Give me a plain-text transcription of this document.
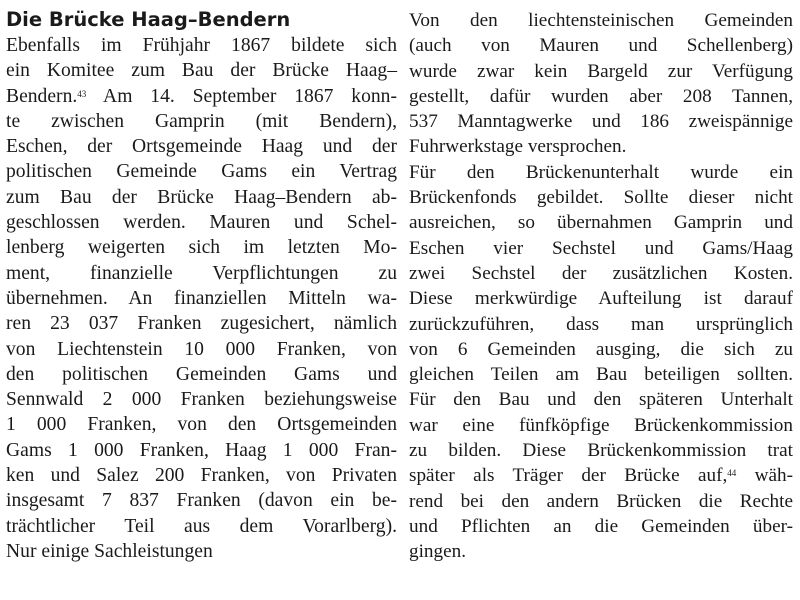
Die Brücke Haag–Bendern
Ebenfalls im Frühjahr 1867 bildete sich
ein Komitee zum Bau der Brücke Haag–
Bendern.$^{43}$ Am 14. September 1867 konn-
te zwischen Gamprin (mit Bendern),
Eschen, der Ortsgemeinde Haag und der
politischen Gemeinde Gams ein Vertrag
zum Bau der Brücke Haag–Bendern ab-
geschlossen werden. Mauren und Schel-
lenberg weigerten sich im letzten Mo-
ment, finanzielle Verpflichtungen zu
übernehmen. An finanziellen Mitteln wa-
ren 23 037 Franken zugesichert, nämlich
von Liechtenstein 10 000 Franken, von
den politischen Gemeinden Gams und
Sennwald 2 000 Franken beziehungsweise
1 000 Franken, von den Ortsgemeinden
Gams 1 000 Franken, Haag 1 000 Fran-
ken und Salez 200 Franken, von Privaten
insgesamt 7 837 Franken (davon ein be-
trächtlicher Teil aus dem Vorarlberg).
Nur einige Sachleistungen
Von den liechtensteinischen Gemeinden
(auch von Mauren und Schellenberg)
wurde zwar kein Bargeld zur Verfügung
gestellt, dafür wurden aber 208 Tannen,
537 Manntagwerke und 186 zweispännige
Fuhrwerkstage versprochen.
Für den Brückenunterhalt wurde ein
Brückenfonds gebildet. Sollte dieser nicht
ausreichen, so übernahmen Gamprin und
Eschen vier Sechstel und Gams/Haag
zwei Sechstel der zusätzlichen Kosten.
Diese merkwürdige Aufteilung ist darauf
zurückzuführen, dass man ursprünglich
von 6 Gemeinden ausging, die sich zu
gleichen Teilen am Bau beteiligen sollten.
Für den Bau und den späteren Unterhalt
war eine fünfköpfige Brückenkommission
zu bilden. Diese Brückenkommission trat
später als Träger der Brücke auf,$^{44}$ wäh-
rend bei den andern Brücken die Rechte
und Pflichten an die Gemeinden über-
gingen.
